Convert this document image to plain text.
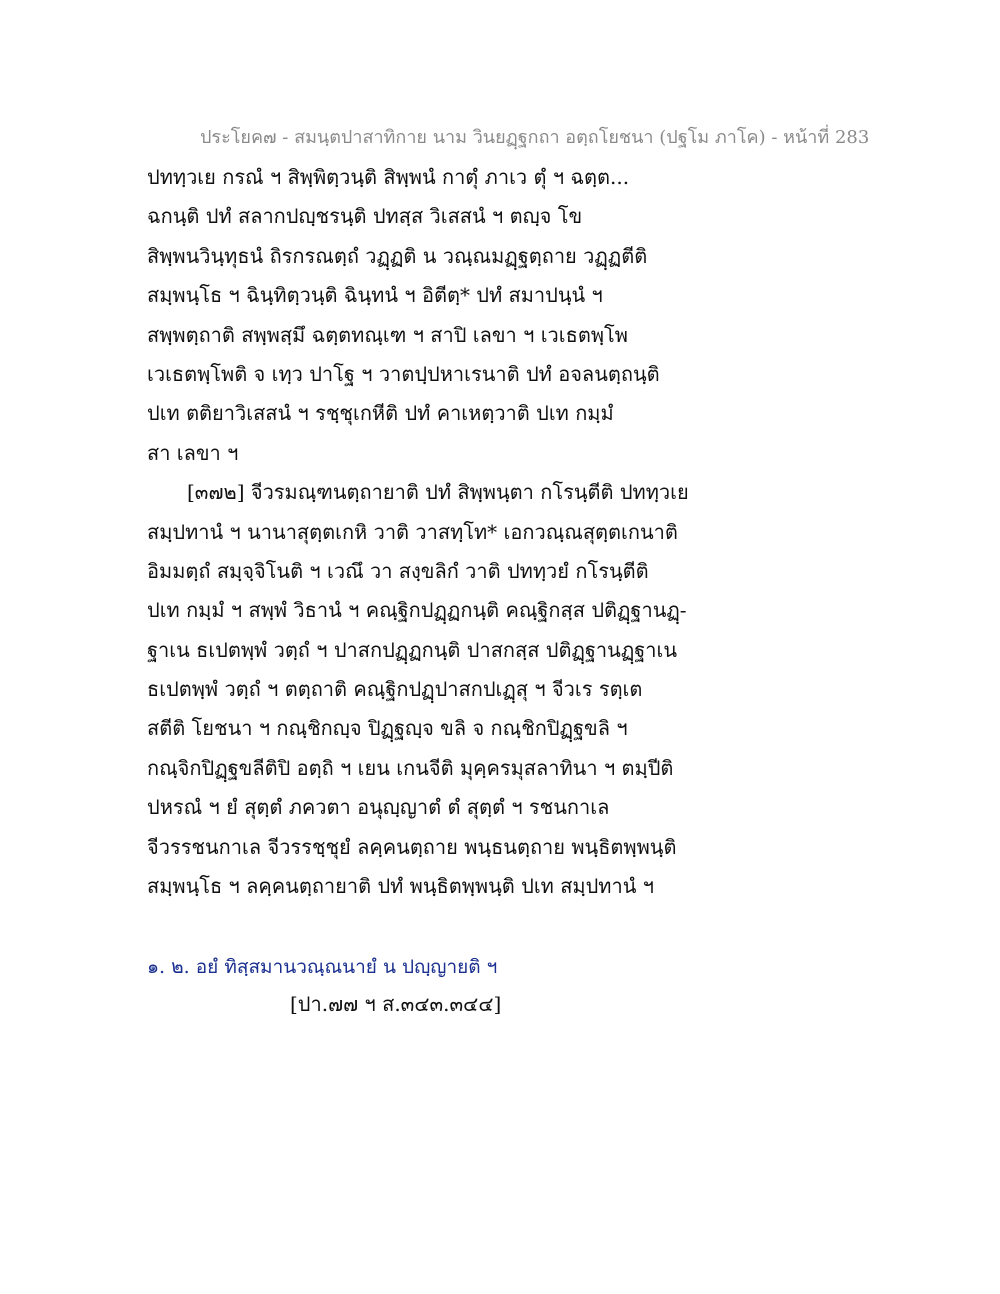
ประโยค๗ - สมนฺตปาสาทิกาย นาม วินยฏฺฐกถา อตฺถโยชนา (ปฐโม ภาโค) - หน้าที่ 283
ปททฺวเย กรณํ ฯ สิพฺพิตฺวนฺติ สิพฺพนํ กาตุํ ภาเว ตุํ ฯ ฉตฺต...
ฉกนฺติ ปทํ สลากปญฺชรนฺติ ปทสฺส วิเสสนํ ฯ ตญฺจ โข
สิพฺพนวินฺทุธนํ ถิรกรณตฺถํ วฏฺฏติ น วณฺณมฏฺฐตฺถาย วฏฺฏตีติ
สมฺพนฺโธ ฯ ฉินฺทิตฺวนฺติ ฉินฺทนํ ฯ อิตีตฺ* ปทํ สมาปนฺนํ ฯ
สพฺพตฺถาติ สพฺพสฺมึ ฉตฺตทณฺเฑ ฯ สาปิ เลขา ฯ เวเธตพฺโพ
เวเธตพฺโพติ จ เทฺว ปาโฐ ฯ วาตปฺปหาเรนาติ ปทํ อจลนตฺถนฺติ
ปเท ตติยาวิเสสนํ ฯ รชฺชุเกหีติ ปทํ คาเหตฺวาติ ปเท กมฺมํ
สา เลขา ฯ
[๓๗๒] จีวรมณฺฑนตฺถายาติ ปทํ สิพฺพนฺตา กโรนฺตีติ ปททฺวเย
สมฺปทานํ ฯ นานาสุตฺตเกหิ วาติ วาสทฺโท* เอกวณฺณสุตฺตเกนาติ
อิมมตฺถํ สมฺจฺจิโนติ ฯ เวณึ วา สงฺขลิกํ วาติ ปททฺวยํ กโรนฺตีติ
ปเท กมฺมํ ฯ สพฺพํ วิธานํ ฯ คณฺฐิกปฏฺฏกนฺติ คณฺฐิกสฺส ปติฏฺฐานฏฺ-
ฐาเน ธเปตพฺพํ วตฺถํ ฯ ปาสกปฏฺฏกนฺติ ปาสกสฺส ปติฏฺฐานฏฺฐาเน
ธเปตพฺพํ วตฺถํ ฯ ตตฺถาติ คณฺฐิกปฏฺปาสกปเฏฺสุ ฯ จีวเร รตฺเต
สตีติ โยชนา ฯ กณฺชิกญฺจ ปิฏฺฐญฺจ ขลิ จ กณฺชิกปิฏฺฐขลิ ฯ
กณฺจิกปิฏฺฐขลีติปิ อตฺถิ ฯ เยน เกนจีติ มุคฺครมุสลาทินา ฯ ตมฺปีติ
ปหรณํ ฯ ยํ สุตฺตํ ภควตา อนุญฺญาตํ ตํ สุตฺตํ ฯ รชนกาเล
จีวรรชนกาเล จีวรรชฺชุยํ ลคฺคนตฺถาย พนฺธนตฺถาย พนฺธิตพฺพนฺติ
สมฺพนฺโธ ฯ ลคฺคนตฺถายาติ ปทํ พนฺธิตพฺพนฺติ ปเท สมฺปทานํ ฯ
๑. ๒. อยํ ทิสฺสมานวณฺณนายํ น ปญฺญายติ ฯ
[ปา.๗๗ ฯ ส.๓๔๓.๓๔๔]
